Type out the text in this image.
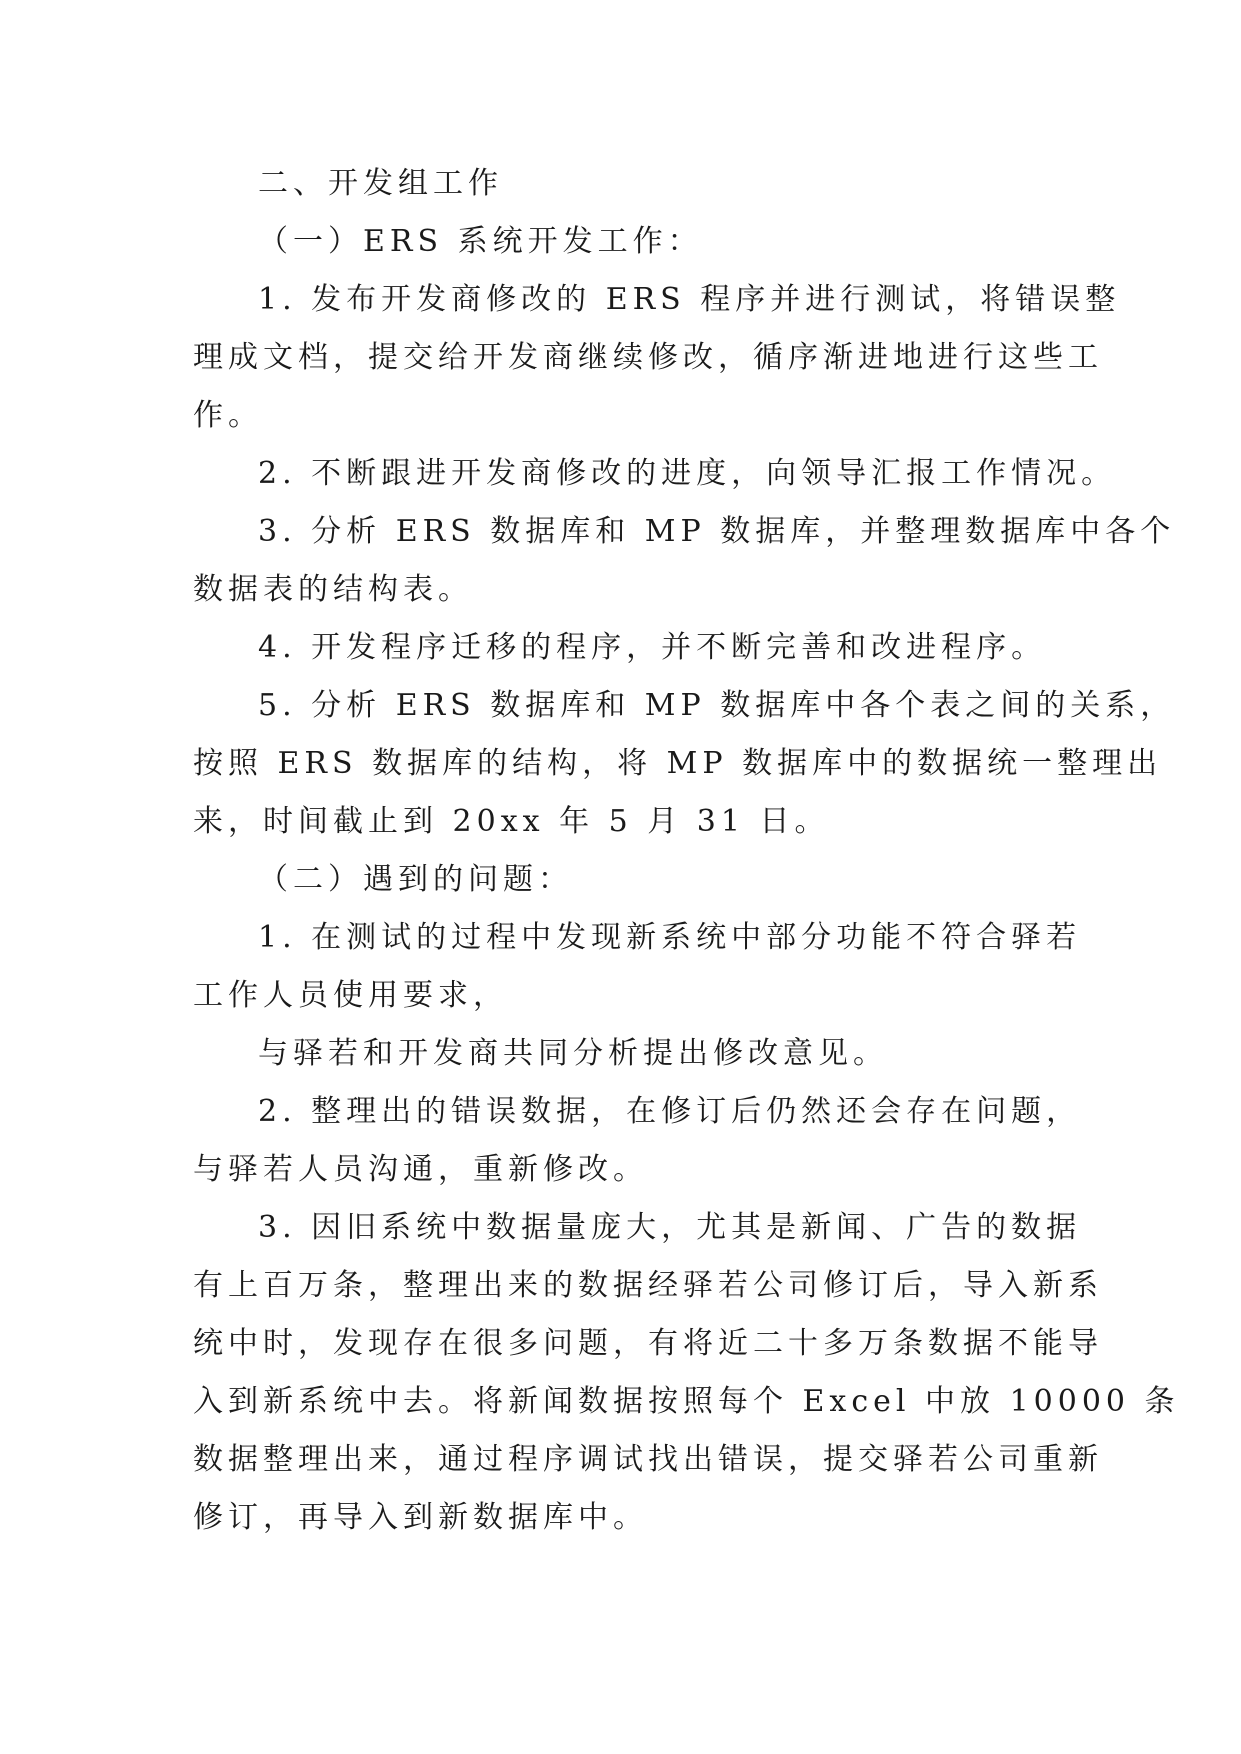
二、开发组工作
（一）ERS 系统开发工作：
1. 发布开发商修改的 ERS 程序并进行测试，将错误整
理成文档，提交给开发商继续修改，循序渐进地进行这些工
作。
2. 不断跟进开发商修改的进度，向领导汇报工作情况。
3. 分析 ERS 数据库和 MP 数据库，并整理数据库中各个
数据表的结构表。
4. 开发程序迁移的程序，并不断完善和改进程序。
5. 分析 ERS 数据库和 MP 数据库中各个表之间的关系，
按照 ERS 数据库的结构，将 MP 数据库中的数据统一整理出
来，时间截止到 20xx 年 5 月 31 日。
（二）遇到的问题：
1. 在测试的过程中发现新系统中部分功能不符合驿若
工作人员使用要求，
与驿若和开发商共同分析提出修改意见。
2. 整理出的错误数据，在修订后仍然还会存在问题，
与驿若人员沟通，重新修改。
3. 因旧系统中数据量庞大，尤其是新闻、广告的数据
有上百万条，整理出来的数据经驿若公司修订后，导入新系
统中时，发现存在很多问题，有将近二十多万条数据不能导
入到新系统中去。将新闻数据按照每个 Excel 中放 10000 条
数据整理出来，通过程序调试找出错误，提交驿若公司重新
修订，再导入到新数据库中。
